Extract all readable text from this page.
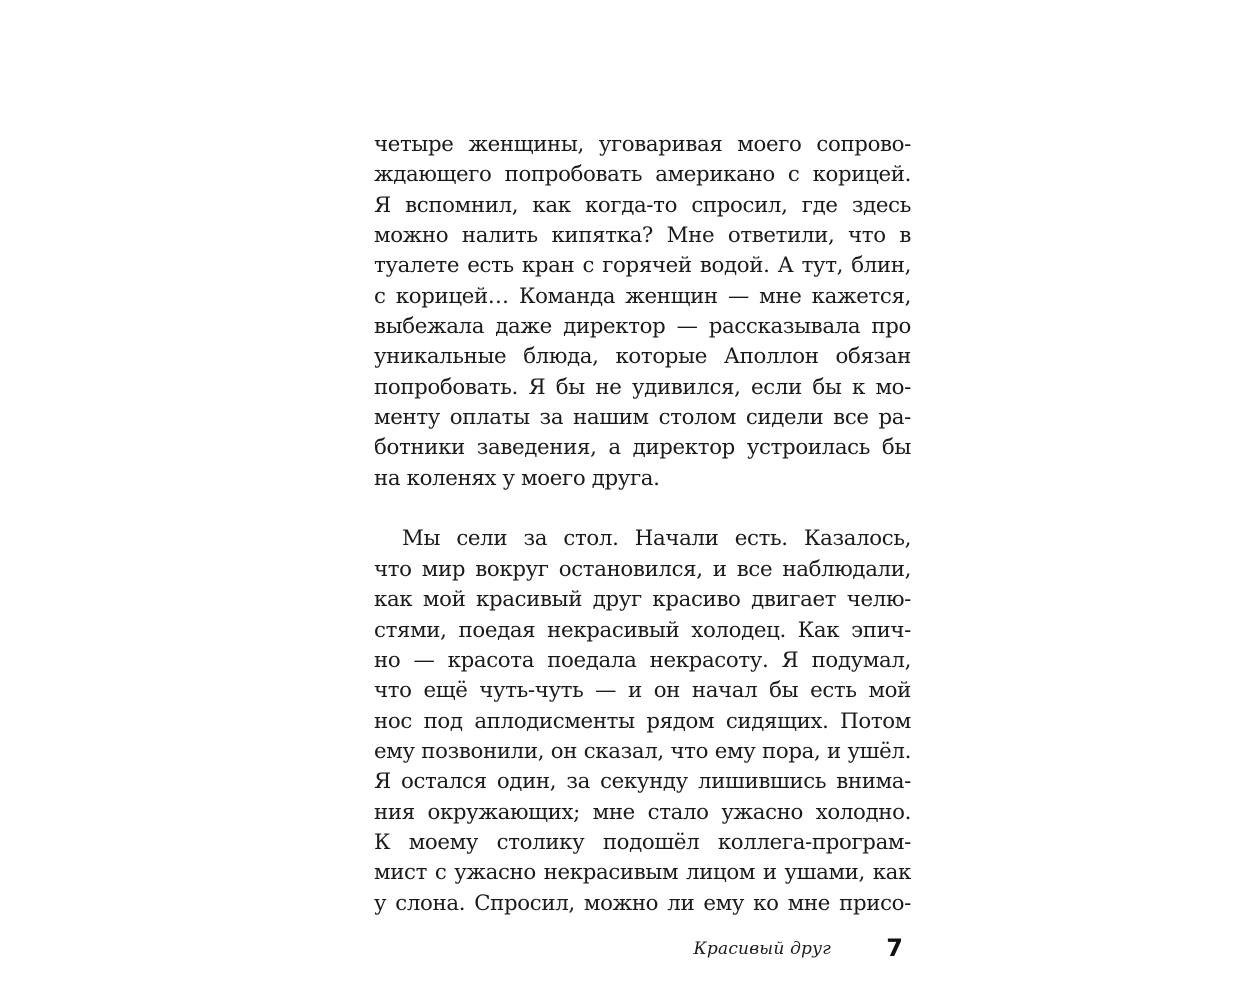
четыре женщины, уговаривая моего сопрово-
ждающего попробовать американо с корицей.
Я вспомнил, как когда-то спросил, где здесь
можно налить кипятка? Мне ответили, что в
туалете есть кран с горячей водой. А тут, блин,
с корицей… Команда женщин — мне кажется,
выбежала даже директор — рассказывала про
уникальные блюда, которые Аполлон обязан
попробовать. Я бы не удивился, если бы к мо-
менту оплаты за нашим столом сидели все ра-
ботники заведения, а директор устроилась бы
на коленях у моего друга.
Мы сели за стол. Начали есть. Казалось,
что мир вокруг остановился, и все наблюдали,
как мой красивый друг красиво двигает челю-
стями, поедая некрасивый холодец. Как эпич-
но — красота поедала некрасоту. Я подумал,
что ещё чуть-чуть — и он начал бы есть мой
нос под аплодисменты рядом сидящих. Потом
ему позвонили, он сказал, что ему пора, и ушёл.
Я остался один, за секунду лишившись внима-
ния окружающих; мне стало ужасно холодно.
К моему столику подошёл коллега-програм-
мист с ужасно некрасивым лицом и ушами, как
у слона. Спросил, можно ли ему ко мне присо-
Красивый друг 7
